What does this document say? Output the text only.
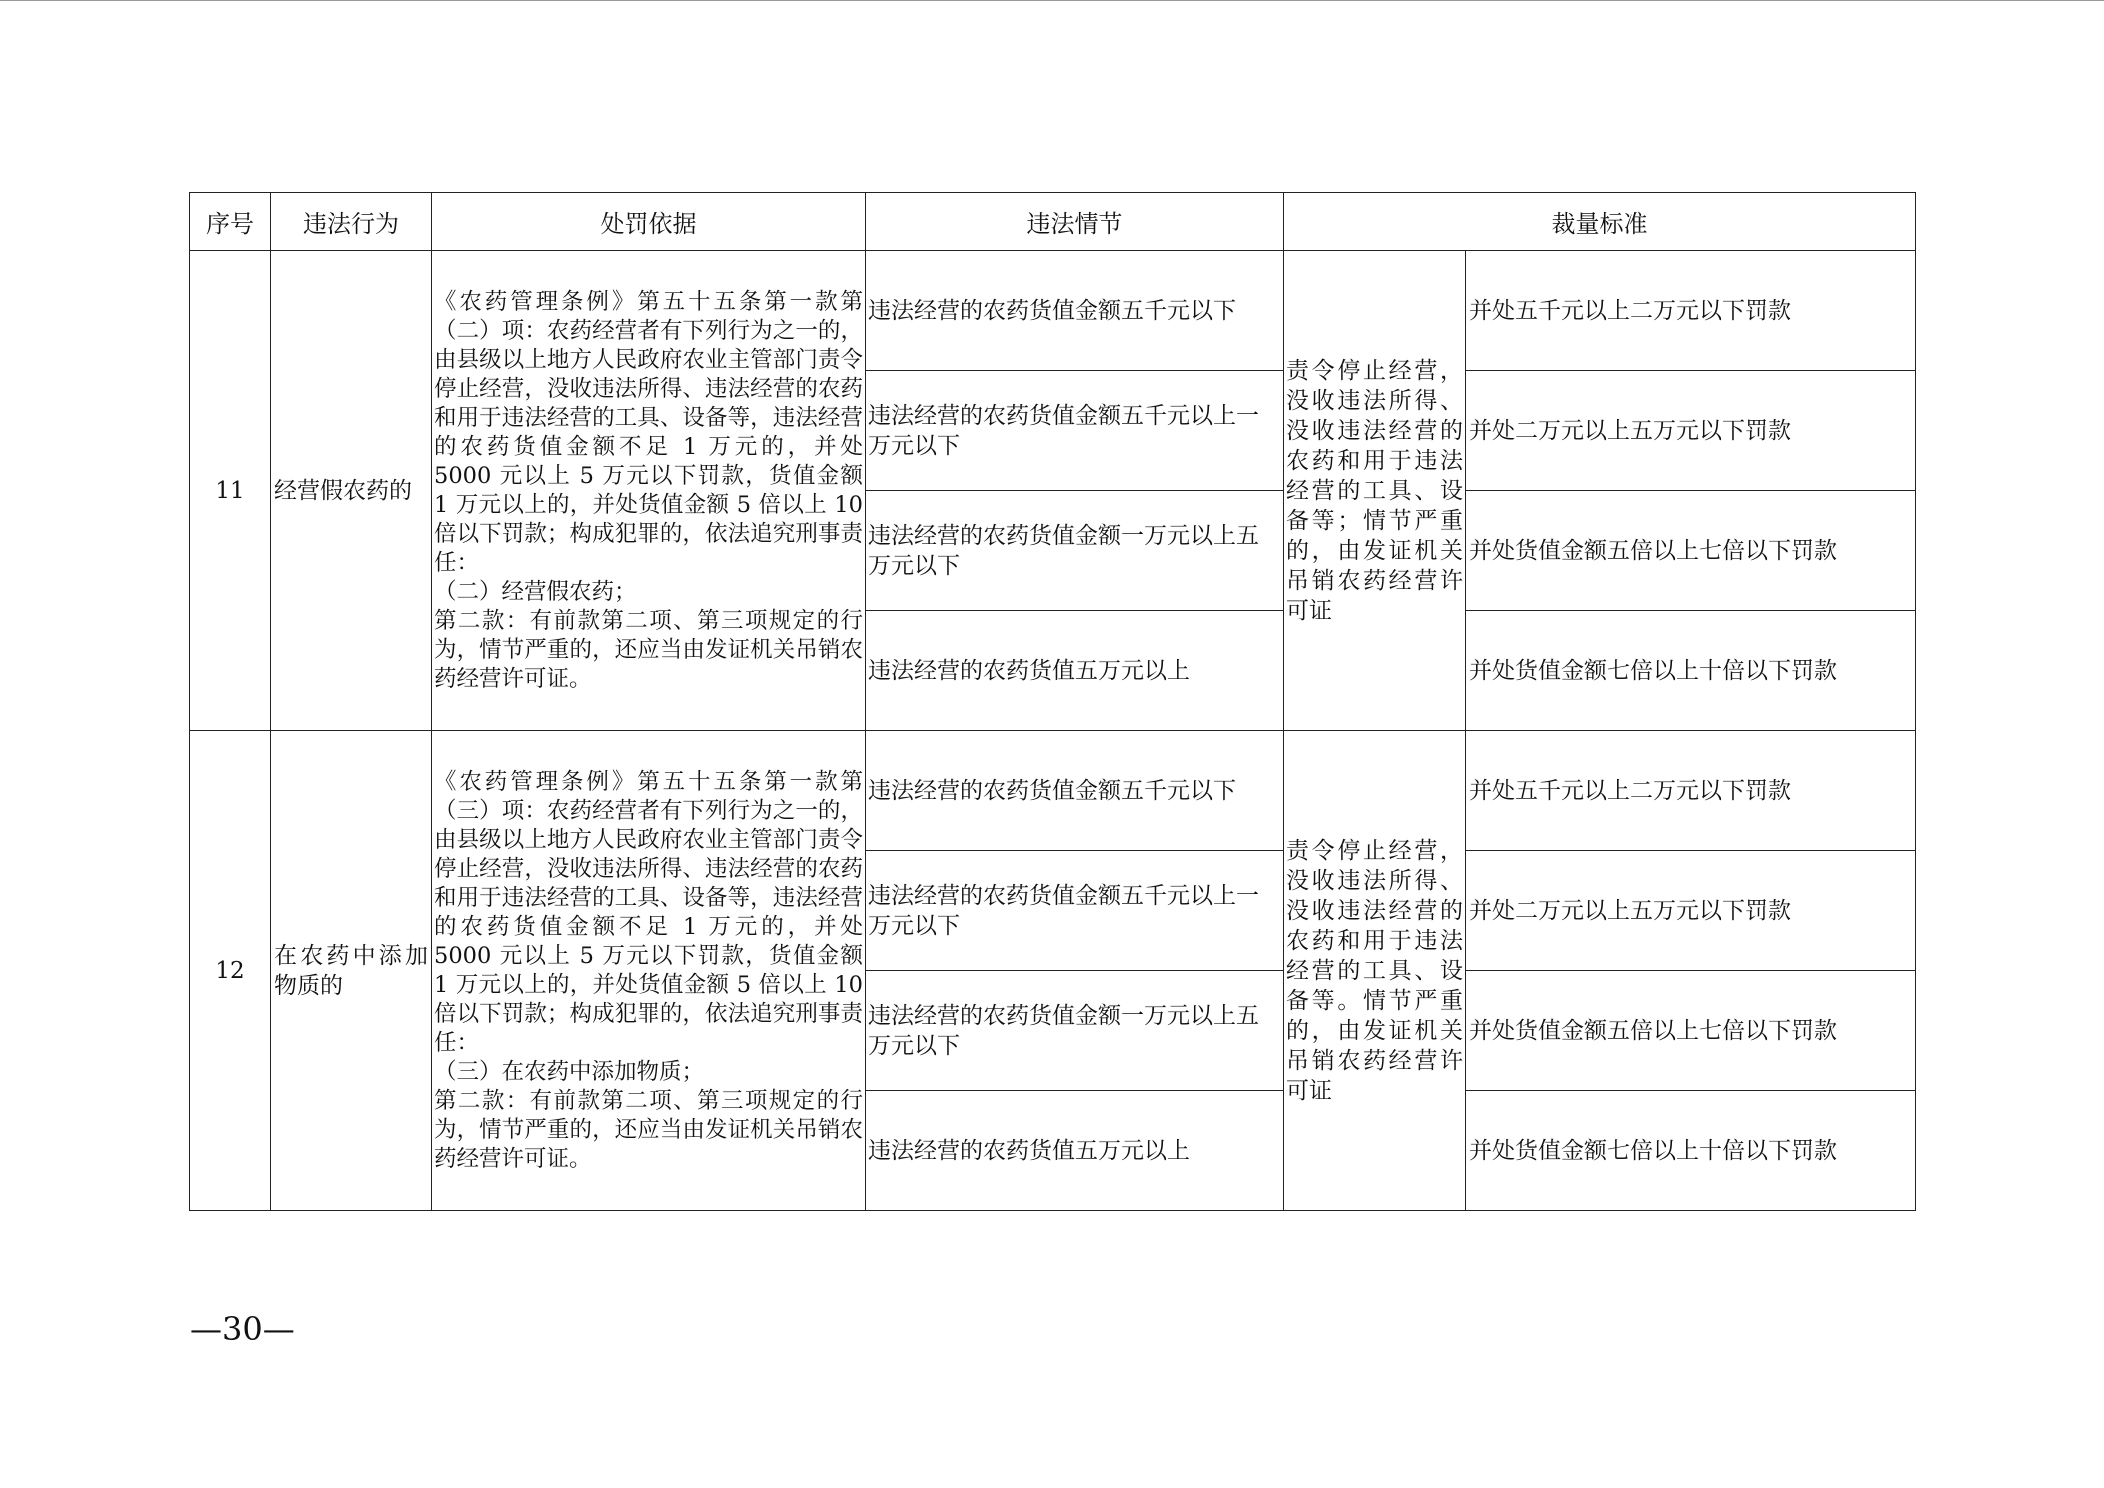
序号	违法行为	处罚依据	违法情节	裁量标准	
11	经营假农药的	《农药管理条例》第五十五条第一款第（二）项：农药经营者有下列行为之一的，由县级以上地方人民政府农业主管部门责令停止经营，没收违法所得、违法经营的农药和用于违法经营的工具、设备等，违法经营的农药货值金额不足 1 万元的，并处 5000 元以上 5 万元以下罚款，货值金额 1 万元以上的，并处货值金额 5 倍以上 10 倍以下罚款；构成犯罪的，依法追究刑事责任：
（二）经营假农药；
第二款：有前款第二项、第三项规定的行为，情节严重的，还应当由发证机关吊销农药经营许可证。	违法经营的农药货值金额五千元以下	责令停止经营，没收违法所得、没收违法经营的农药和用于违法经营的工具、设备等；情节严重的，由发证机关吊销农药经营许可证	并处五千元以上二万元以下罚款
			违法经营的农药货值金额五千元以上一万元以下		并处二万元以上五万元以下罚款
			违法经营的农药货值金额一万元以上五万元以下		并处货值金额五倍以上七倍以下罚款
			违法经营的农药货值五万元以上		并处货值金额七倍以上十倍以下罚款
12	在农药中添加物质的	《农药管理条例》第五十五条第一款第（三）项：农药经营者有下列行为之一的，由县级以上地方人民政府农业主管部门责令停止经营，没收违法所得、违法经营的农药和用于违法经营的工具、设备等，违法经营的农药货值金额不足 1 万元的，并处 5000 元以上 5 万元以下罚款，货值金额 1 万元以上的，并处货值金额 5 倍以上 10 倍以下罚款；构成犯罪的，依法追究刑事责任：
（三）在农药中添加物质；
第二款：有前款第二项、第三项规定的行为，情节严重的，还应当由发证机关吊销农药经营许可证。	违法经营的农药货值金额五千元以下	责令停止经营，没收违法所得、没收违法经营的农药和用于违法经营的工具、设备等。情节严重的，由发证机关吊销农药经营许可证	并处五千元以上二万元以下罚款
			违法经营的农药货值金额五千元以上一万元以下		并处二万元以上五万元以下罚款
			违法经营的农药货值金额一万元以上五万元以下		并处货值金额五倍以上七倍以下罚款
			违法经营的农药货值五万元以上		并处货值金额七倍以上十倍以下罚款
—30—
